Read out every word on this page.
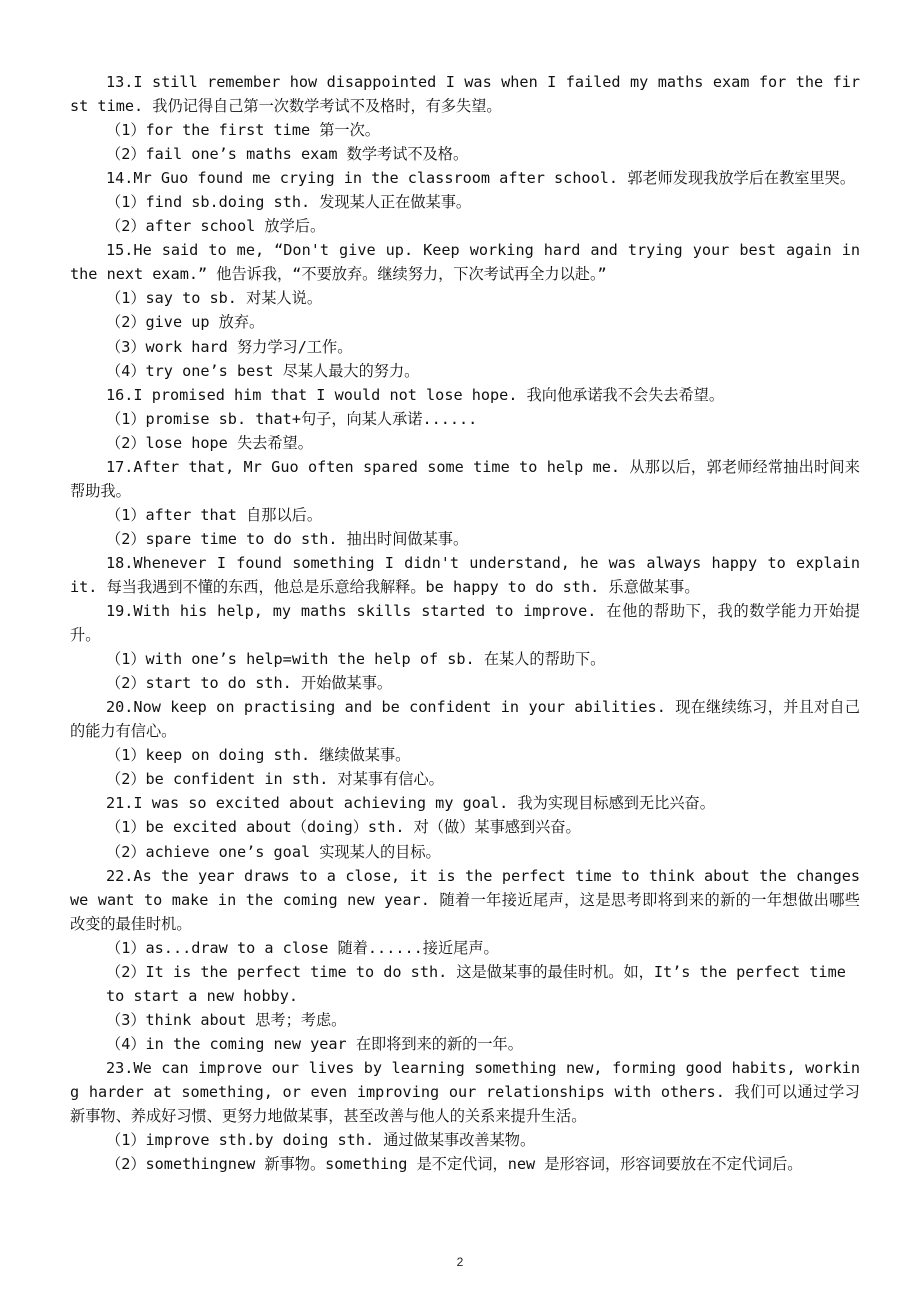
13.I still remember how disappointed I was when I failed my maths exam for the first time. 我仍记得自己第一次数学考试不及格时，有多失望。

（1）for the first time 第一次。

（2）fail one’s maths exam 数学考试不及格。

14.Mr Guo found me crying in the classroom after school. 郭老师发现我放学后在教室里哭。

（1）find sb.doing sth. 发现某人正在做某事。

（2）after school 放学后。

15.He said to me, “Don't give up. Keep working hard and trying your best again in the next exam.” 他告诉我，“不要放弃。继续努力，下次考试再全力以赴。”

（1）say to sb. 对某人说。

（2）give up 放弃。

（3）work hard 努力学习/工作。

（4）try one’s best 尽某人最大的努力。

16.I promised him that I would not lose hope. 我向他承诺我不会失去希望。

（1）promise sb. that+句子，向某人承诺......

（2）lose hope 失去希望。

17.After that, Mr Guo often spared some time to help me. 从那以后，郭老师经常抽出时间来帮助我。

（1）after that 自那以后。

（2）spare time to do sth. 抽出时间做某事。

18.Whenever I found something I didn't understand, he was always happy to explain it. 每当我遇到不懂的东西，他总是乐意给我解释。be happy to do sth. 乐意做某事。

19.With his help, my maths skills started to improve. 在他的帮助下，我的数学能力开始提升。

（1）with one’s help=with the help of sb. 在某人的帮助下。

（2）start to do sth. 开始做某事。

20.Now keep on practising and be confident in your abilities. 现在继续练习，并且对自己的能力有信心。

（1）keep on doing sth. 继续做某事。

（2）be confident in sth. 对某事有信心。

21.I was so excited about achieving my goal. 我为实现目标感到无比兴奋。

（1）be excited about（doing）sth. 对（做）某事感到兴奋。

（2）achieve one’s goal 实现某人的目标。

22.As the year draws to a close, it is the perfect time to think about the changes we want to make in the coming new year. 随着一年接近尾声，这是思考即将到来的新的一年想做出哪些改变的最佳时机。

（1）as...draw to a close 随着......接近尾声。

（2）It is the perfect time to do sth. 这是做某事的最佳时机。如，It’s the perfect time to start a new hobby.

（3）think about 思考；考虑。

（4）in the coming new year 在即将到来的新的一年。

23.We can improve our lives by learning something new, forming good habits, working harder at something, or even improving our relationships with others. 我们可以通过学习新事物、养成好习惯、更努力地做某事，甚至改善与他人的关系来提升生活。

（1）improve sth.by doing sth. 通过做某事改善某物。

（2）somethingnew 新事物。something 是不定代词，new 是形容词，形容词要放在不定代词后。

2
